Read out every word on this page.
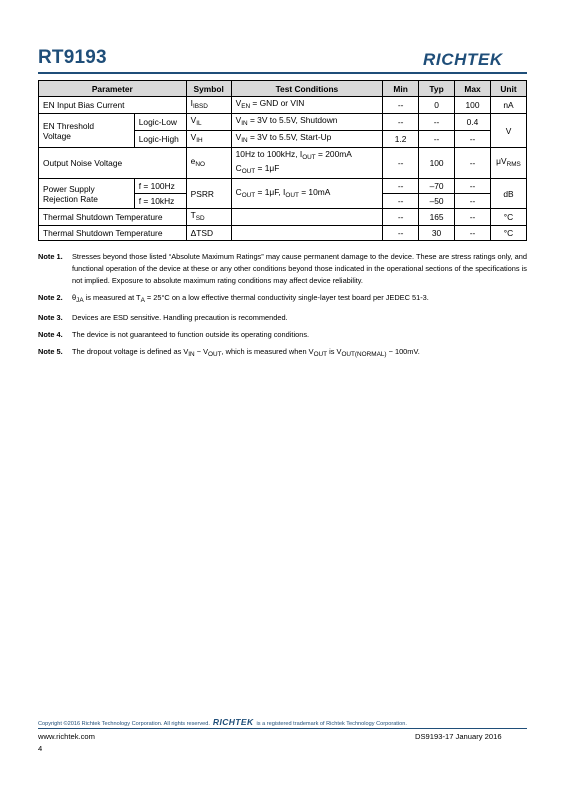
RT9193	RICHTEK
Parameter		Symbol	Test Conditions	Min	Typ	Max	Unit
EN Input Bias Current		$I_{IBSD}$	$V_{EN}$ = GND or VIN	--	0	100	nA
EN Threshold
Voltage	Logic-Low	$V_{IL}$	$V_{IN} = 3V$ to 5.5V, Shutdown	--	--	0.4	V
	Logic-High	$V_{IH}$	$V_{IN} = 3V$ to 5.5V, Start-Up	1.2	--	--	
Output Noise Voltage		$e_{NO}$	10Hz to 100kHz, $I_{OUT} = 200mA$
$C_{OUT} = 1\mu F$	--	100	--	$\mu V_{RMS}$
Power Supply
Rejection Rate	f = 100Hz	PSRR	$C_{OUT} = 1\mu F$, $I_{OUT} = 10mA$	--	–70	--	dB
	f = 10kHz			--	–50	--	
Thermal Shutdown Temperature		$T_{SD}$		--	165	--	°C
Thermal Shutdown Temperature		ΔTSD		--	30	--	°C
Note 1. Stresses beyond those listed “Absolute Maximum Ratings” may cause permanent damage to the device. These are stress ratings only, and functional operation of the device at these or any other conditions beyond those indicated in the operational sections of the specifications is not implied. Exposure to absolute maximum rating conditions may affect device reliability.
Note 2. $\theta_{JA}$ is measured at $T_A = 25^\circ C$ on a low effective thermal conductivity single-layer test board per JEDEC 51-3.
Note 3. Devices are ESD sensitive. Handling precaution is recommended.
Note 4. The device is not guaranteed to function outside its operating conditions.
Note 5. The dropout voltage is defined as $V_{IN} - V_{OUT}$, which is measured when $V_{OUT}$ is $V_{OUT(NORMAL)} - 100mV$.
Copyright ©2016 Richtek Technology Corporation. All rights reserved. RICHTEK is a registered trademark of Richtek Technology Corporation.
www.richtek.com	DS9193-17 January 2016
4
